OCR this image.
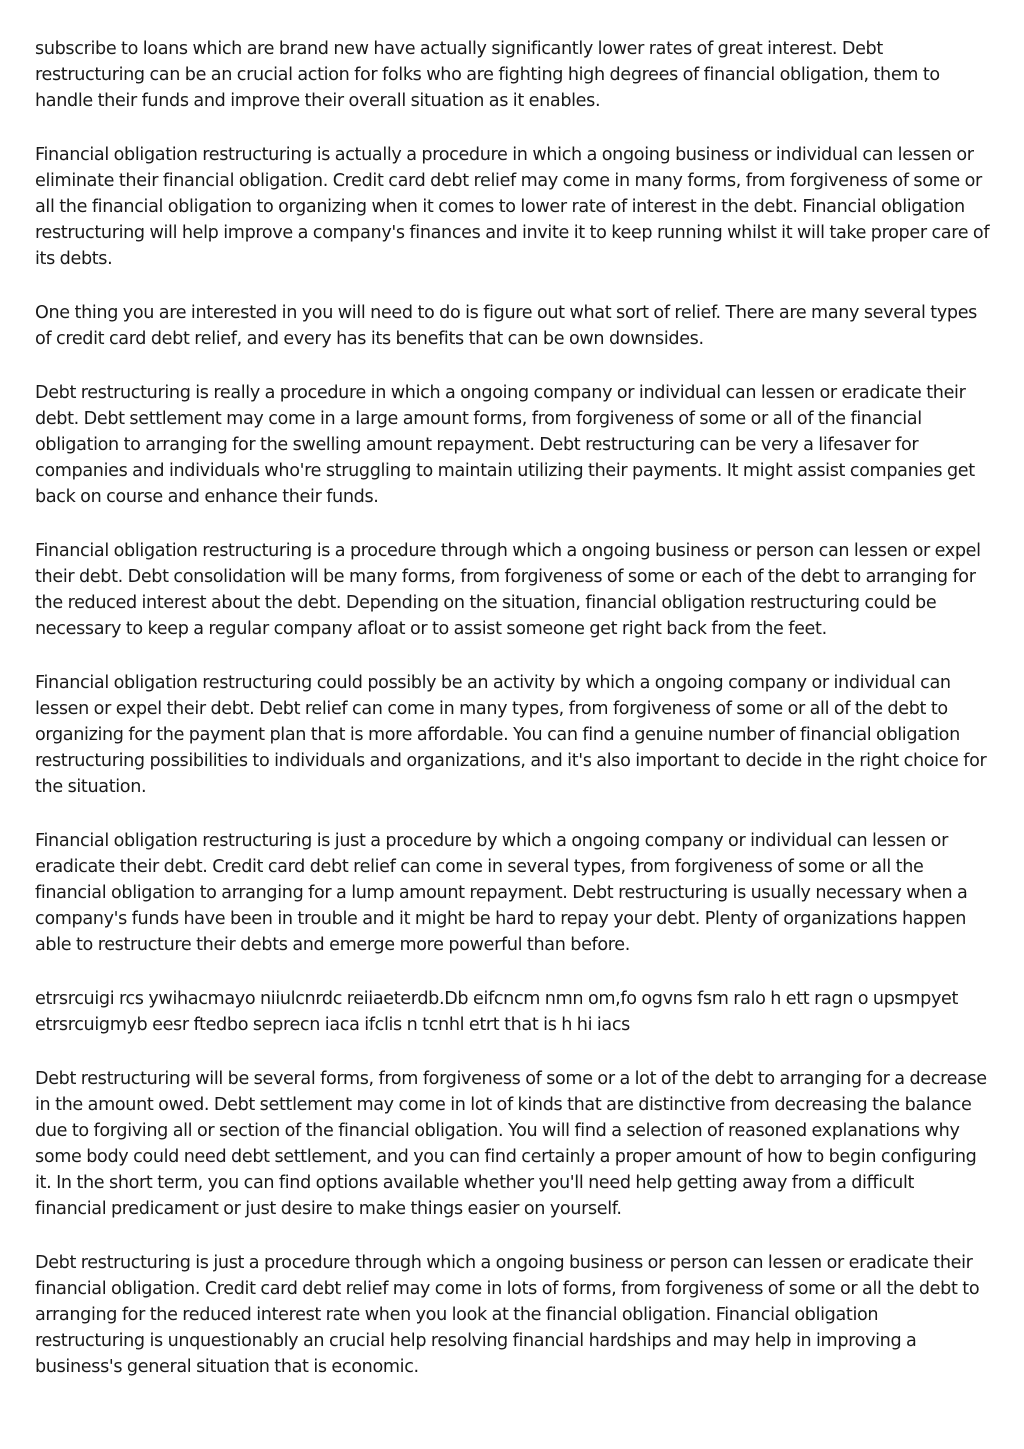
subscribe to loans which are brand new have actually significantly lower rates of great interest. Debt restructuring can be an crucial action for folks who are fighting high degrees of financial obligation, them to handle their funds and improve their overall situation as it enables.

Financial obligation restructuring is actually a procedure in which a ongoing business or individual can lessen or eliminate their financial obligation. Credit card debt relief may come in many forms, from forgiveness of some or all the financial obligation to organizing when it comes to lower rate of interest in the debt. Financial obligation restructuring will help improve a company's finances and invite it to keep running whilst it will take proper care of its debts.

One thing you are interested in you will need to do is figure out what sort of relief. There are many several types of credit card debt relief, and every has its benefits that can be own downsides.

Debt restructuring is really a procedure in which a ongoing company or individual can lessen or eradicate their debt. Debt settlement may come in a large amount forms, from forgiveness of some or all of the financial obligation to arranging for the swelling amount repayment. Debt restructuring can be very a lifesaver for companies and individuals who're struggling to maintain utilizing their payments. It might assist companies get back on course and enhance their funds.

Financial obligation restructuring is a procedure through which a ongoing business or person can lessen or expel their debt. Debt consolidation will be many forms, from forgiveness of some or each of the debt to arranging for the reduced interest about the debt. Depending on the situation, financial obligation restructuring could be necessary to keep a regular company afloat or to assist someone get right back from the feet.

Financial obligation restructuring could possibly be an activity by which a ongoing company or individual can lessen or expel their debt. Debt relief can come in many types, from forgiveness of some or all of the debt to organizing for the payment plan that is more affordable. You can find a genuine number of financial obligation restructuring possibilities to individuals and organizations, and it's also important to decide in the right choice for the situation.

Financial obligation restructuring is just a procedure by which a ongoing company or individual can lessen or eradicate their debt. Credit card debt relief can come in several types, from forgiveness of some or all the financial obligation to arranging for a lump amount repayment. Debt restructuring is usually necessary when a company's funds have been in trouble and it might be hard to repay your debt. Plenty of organizations happen able to restructure their debts and emerge more powerful than before.

etrsrcuigi rcs ywihacmayo niiulcnrdc reiiaeterdb.Db eifcncm nmn om,fo ogvns fsm ralo h ett ragn o upsmpyet etrsrcuigmyb eesr ftedbo seprecn iaca ifclis n tcnhl etrt that is h hi iacs

Debt restructuring will be several forms, from forgiveness of some or a lot of the debt to arranging for a decrease in the amount owed. Debt settlement may come in lot of kinds that are distinctive from decreasing the balance due to forgiving all or section of the financial obligation. You will find a selection of reasoned explanations why some body could need debt settlement, and you can find certainly a proper amount of how to begin configuring it. In the short term, you can find options available whether you'll need help getting away from a difficult financial predicament or just desire to make things easier on yourself.

Debt restructuring is just a procedure through which a ongoing business or person can lessen or eradicate their financial obligation. Credit card debt relief may come in lots of forms, from forgiveness of some or all the debt to arranging for the reduced interest rate when you look at the financial obligation. Financial obligation restructuring is unquestionably an crucial help resolving financial hardships and may help in improving a business's general situation that is economic.
